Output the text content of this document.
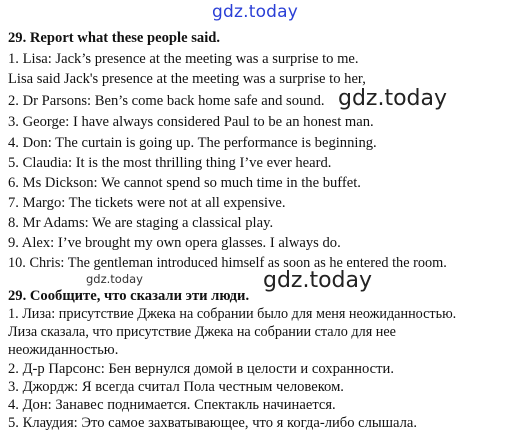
gdz.today
29. Report what these people said.
1. Lisa: Jack’s presence at the meeting was a surprise to me.
Lisa said Jack's presence at the meeting was a surprise to her,
2. Dr Parsons: Ben’s come back home safe and sound.
3. George: I have always considered Paul to be an honest man.
4. Don: The curtain is going up. The performance is beginning.
5. Claudia: It is the most thrilling thing I’ve ever heard.
6. Ms Dickson: We cannot spend so much time in the buffet.
7. Margo: The tickets were not at all expensive.
8. Mr Adams: We are staging a classical play.
9. Alex: I’ve brought my own opera glasses. I always do.
10. Chris: The gentleman introduced himself as soon as he entered the room.
gdz.today
gdz.today	gdz.today
29. Сообщите, что сказали эти люди.
1. Лиза: присутствие Джека на собрании было для меня неожиданностью.
Лиза сказала, что присутствие Джека на собрании стало для нее
неожиданностью.
2. Д-р Парсонс: Бен вернулся домой в целости и сохранности.
3. Джордж: Я всегда считал Пола честным человеком.
4. Дон: Занавес поднимается. Спектакль начинается.
5. Клаудия: Это самое захватывающее, что я когда-либо слышала.
